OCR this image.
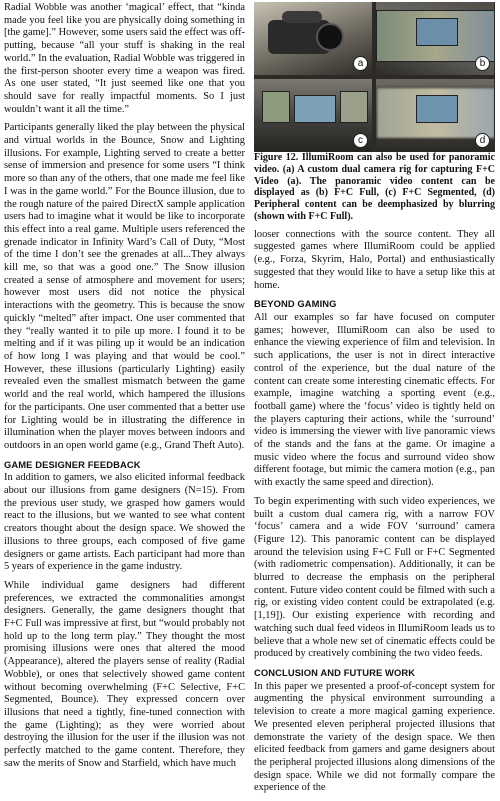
Radial Wobble was another ‘magical’ effect, that “kinda made you feel like you are physically doing something in [the game].” However, some users said the effect was off-putting, because “all your stuff is shaking in the real world.” In the evaluation, Radial Wobble was triggered in the first-person shooter every time a weapon was fired. As one user stated, “It just seemed like one that you should save for really impactful moments. So I just wouldn’t want it all the time.”

Participants generally liked the play between the physical and virtual worlds in the Bounce, Snow and Lighting illusions. For example, Lighting served to create a better sense of immersion and presence for some users “I think more so than any of the others, that one made me feel like I was in the game world.” For the Bounce illusion, due to the rough nature of the paired DirectX sample application users had to imagine what it would be like to incorporate this effect into a real game. Multiple users referenced the grenade indicator in Infinity Ward’s Call of Duty, “Most of the time I don’t see the grenades at all...They always kill me, so that was a good one.” The Snow illusion created a sense of atmosphere and movement for users; however most users did not notice the physical interactions with the geometry. This is because the snow quickly “melted” after impact. One user commented that they “really wanted it to pile up more. I found it to be melting and if it was piling up it would be an indication of how long I was playing and that would be cool.” However, these illusions (particularly Lighting) easily revealed even the smallest mismatch between the game world and the real world, which hampered the illusions for the participants. One user commented that a better use for Lighting would be in illustrating the difference in illumination when the player moves between indoors and outdoors in an open world game (e.g., Grand Theft Auto).

GAME DESIGNER FEEDBACK

In addition to gamers, we also elicited informal feedback about our illusions from game designers (N=15). From the previous user study, we grasped how gamers would react to the illusions, but we wanted to see what content creators thought about the design space. We showed the illusions to three groups, each composed of five game designers or game artists. Each participant had more than 5 years of experience in the game industry.

While individual game designers had different preferences, we extracted the commonalities amongst designers. Generally, the game designers thought that F+C Full was impressive at first, but “would probably not hold up to the long term play.” They thought the most promising illusions were ones that altered the mood (Appearance), altered the players sense of reality (Radial Wobble), or ones that selectively showed game content without becoming overwhelming (F+C Selective, F+C Segmented, Bounce). They expressed concern over illusions that need a tightly, fine-tuned connection with the game (Lighting); as they were worried about destroying the illusion for the user if the illusion was not perfectly matched to the game content. Therefore, they saw the merits of Snow and Starfield, which have much

a	b
c	d

Figure 12. IllumiRoom can also be used for panoramic video. (a) A custom dual camera rig for capturing F+C Video (a). The panoramic video content can be displayed as (b) F+C Full, (c) F+C Segmented, (d) Peripheral content can be deemphasized by blurring (shown with F+C Full).

looser connections with the source content. They all suggested games where IllumiRoom could be applied (e.g., Forza, Skyrim, Halo, Portal) and enthusiastically suggested that they would like to have a setup like this at home.

BEYOND GAMING

All our examples so far have focused on computer games; however, IllumiRoom can also be used to enhance the viewing experience of film and television. In such applications, the user is not in direct interactive control of the experience, but the dual nature of the content can create some interesting cinematic effects. For example, imagine watching a sporting event (e.g., football game) where the ‘focus’ video is tightly held on the players capturing their actions, while the ‘surround’ video is immersing the viewer with live panoramic views of the stands and the fans at the game. Or imagine a music video where the focus and surround video show different footage, but mimic the camera motion (e.g., pan with exactly the same speed and direction).

To begin experimenting with such video experiences, we built a custom dual camera rig, with a narrow FOV ‘focus’ camera and a wide FOV ‘surround’ camera (Figure 12). This panoramic content can be displayed around the television using F+C Full or F+C Segmented (with radiometric compensation). Additionally, it can be blurred to decrease the emphasis on the peripheral content. Future video content could be filmed with such a rig, or existing video content could be extrapolated (e.g. [1,19]). Our existing experience with recording and watching such dual feed videos in IllumiRoom leads us to believe that a whole new set of cinematic effects could be produced by creatively combining the two video feeds.

CONCLUSION AND FUTURE WORK

In this paper we presented a proof-of-concept system for augmenting the physical environment surrounding a television to create a more magical gaming experience. We presented eleven peripheral projected illusions that demonstrate the variety of the design space. We then elicited feedback from gamers and game designers about the peripheral projected illusions along dimensions of the design space. While we did not formally compare the experience of the
